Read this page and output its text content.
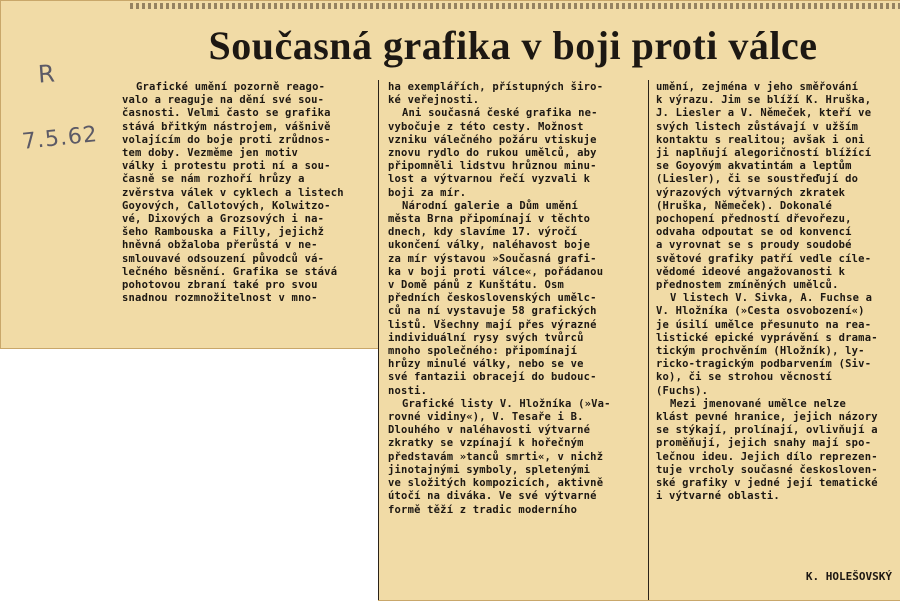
Současná grafika v boji proti válce
R
7.5.62

Grafické umění pozorně reago-

valo a reaguje na dění své sou-

časnosti. Velmi často se grafika

stává břitkým nástrojem, vášnivě

volajícím do boje proti zrůdnos-

tem doby. Vezměme jen motiv

války i protestu proti ní a sou-

časně se nám rozhoří hrůzy a

zvěrstva válek v cyklech a listech

Goyových, Callotových, Kolwitzo-

vé, Dixových a Grozsových i na-

šeho Rambouska a Filly, jejichž

hněvná obžaloba přerůstá v ne-

smlouvavé odsouzení původců vá-

lečného běsnění. Grafika se stává

pohotovou zbraní také pro svou

snadnou rozmnožitelnost v mno-

ha exemplářích, přístupných širo-

ké veřejnosti.

Ani současná české grafika ne-

vybočuje z této cesty. Možnost

vzniku válečného požáru vtiskuje

znovu rydlo do rukou umělců, aby

připomněli lidstvu hrůznou minu-

lost a výtvarnou řečí vyzvali k

boji za mír.

Národní galerie a Dům umění

města Brna připomínají v těchto

dnech, kdy slavíme 17. výročí

ukončení války, naléhavost boje

za mír výstavou »Současná grafi-

ka v boji proti válce«, pořádanou

v Domě pánů z Kunštátu. Osm

předních československých umělc-

ců na ní vystavuje 58 grafických

listů. Všechny mají přes výrazné

individuální rysy svých tvůrců

mnoho společného: připomínají

hrůzy minulé války, nebo se ve

své fantazii obracejí do budouc-

nosti.

Grafické listy V. Hložníka (»Va-

rovné vidiny«), V. Tesaře i B.

Dlouhého v naléhavosti výtvarné

zkratky se vzpínají k hořečným

představám »tanců smrti«, v nichž

jinotajnými symboly, spletenými

ve složitých kompozicích, aktivně

útočí na diváka. Ve své výtvarné

formě těží z tradic moderního

umění, zejména v jeho směřování

k výrazu. Jim se blíží K. Hruška,

J. Liesler a V. Němeček, kteří ve

svých listech zůstávají v užším

kontaktu s realitou; avšak i oni

ji naplňují alegoričností blížící

se Goyovým akvatintám a leptům

(Liesler), či se soustřeďují do

výrazových výtvarných zkratek

(Hruška, Němeček). Dokonalé

pochopení předností dřevořezu,

odvaha odpoutat se od konvencí

a vyrovnat se s proudy soudobé

světové grafiky patří vedle cíle-

vědomé ideové angažovanosti k

přednostem zmíněných umělců.

V listech V. Sivka, A. Fuchse a

V. Hložníka (»Cesta osvobození«)

je úsilí umělce přesunuto na rea-

listické epické vyprávění s drama-

tickým prochvěním (Hložník), ly-

ricko-tragickým podbarvením (Siv-

ko), či se strohou věcností

(Fuchs).

Mezi jmenované umělce nelze

klást pevné hranice, jejich názory

se stýkají, prolínají, ovlivňují a

proměňují, jejich snahy mají spo-

lečnou ideu. Jejich dílo reprezen-

tuje vrcholy současné českosloven-

ské grafiky v jedné její tematické

i výtvarné oblasti.

K. HOLEŠOVSKÝ
